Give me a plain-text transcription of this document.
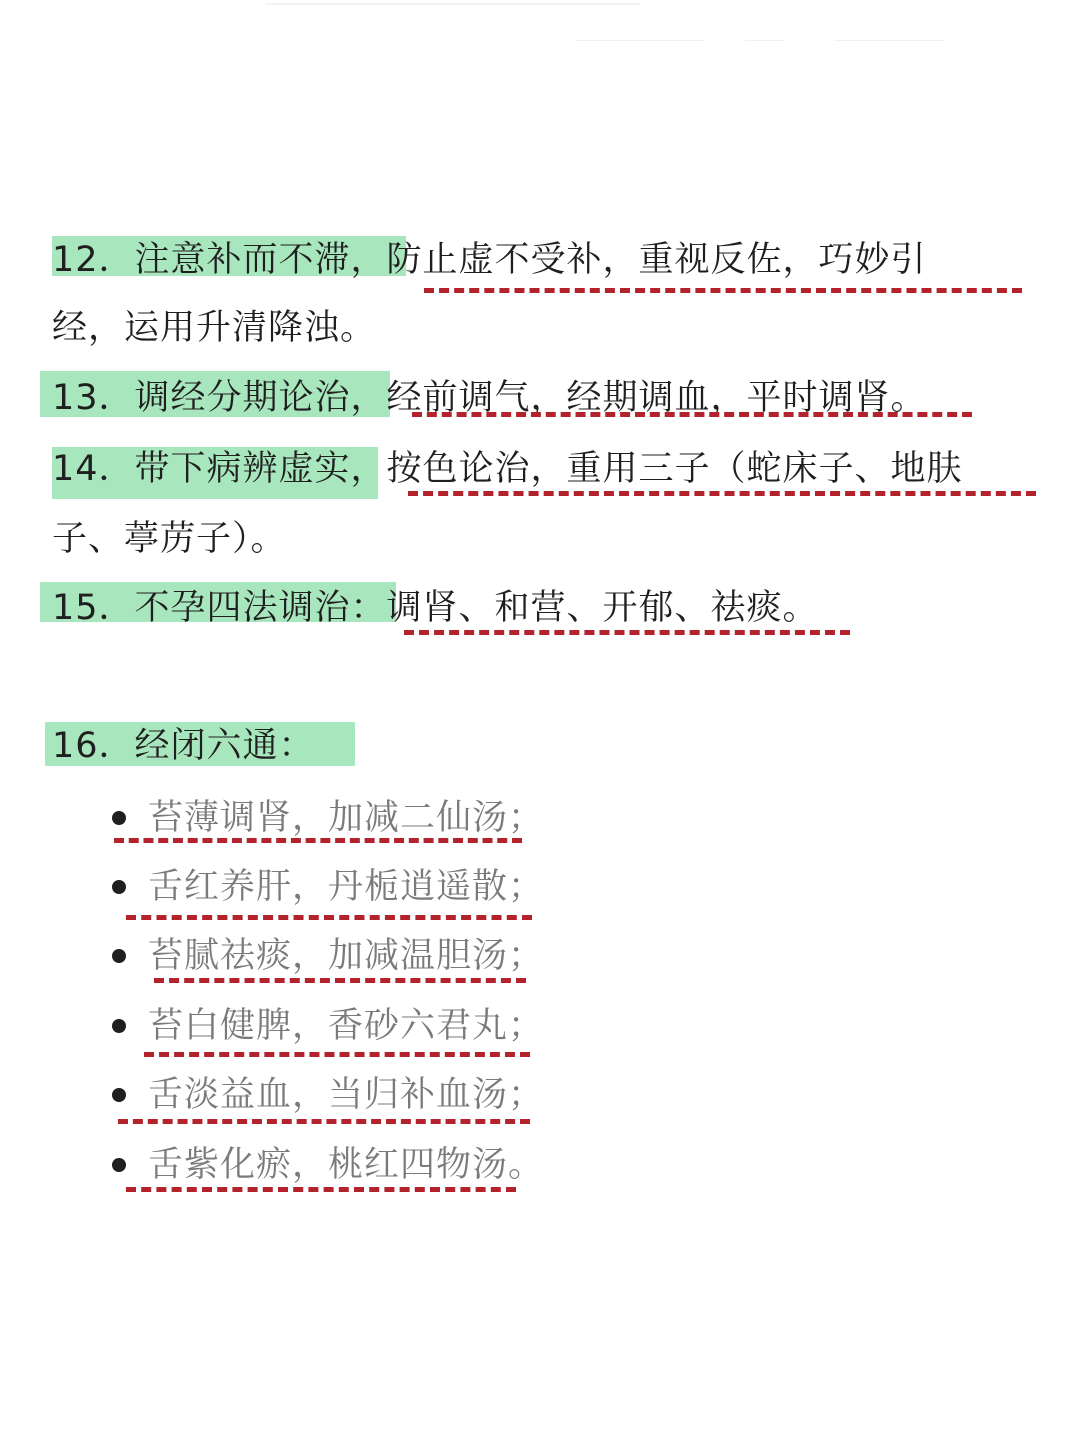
12．注意补而不滞，防止虚不受补，重视反佐，巧妙引
经，运用升清降浊。
13．调经分期论治，经前调气，经期调血，平时调肾。
14．带下病辨虚实，按色论治，重用三子（蛇床子、地肤
子、葶苈子）。
15．不孕四法调治：调肾、和营、开郁、祛痰。
16．经闭六通：
苔薄调肾，加减二仙汤；
舌红养肝，丹栀逍遥散；
苔腻祛痰，加减温胆汤；
苔白健脾，香砂六君丸；
舌淡益血，当归补血汤；
舌紫化瘀，桃红四物汤。
